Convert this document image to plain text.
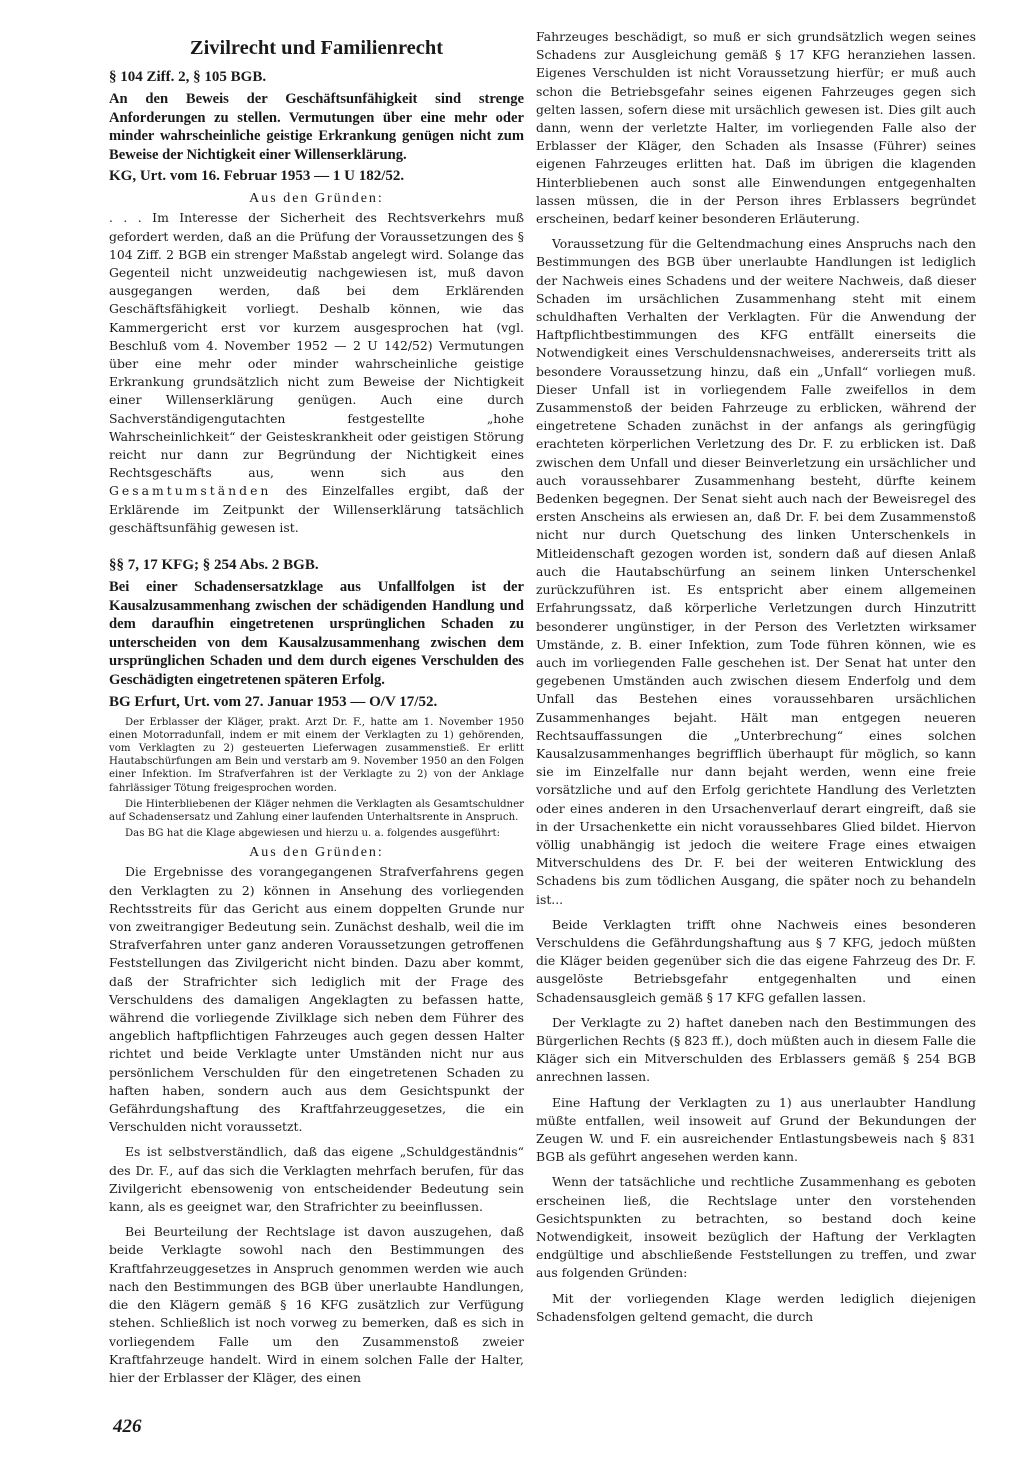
Zivilrecht und Familienrecht
§ 104 Ziff. 2, § 105 BGB.
An den Beweis der Geschäftsunfähigkeit sind strenge Anforderungen zu stellen. Vermutungen über eine mehr oder minder wahrscheinliche geistige Erkrankung genügen nicht zum Beweise der Nichtigkeit einer Willenserklärung.
KG, Urt. vom 16. Februar 1953 — 1 U 182/52.
Aus den Gründen:
. . . Im Interesse der Sicherheit des Rechtsverkehrs muß gefordert werden, daß an die Prüfung der Voraussetzungen des § 104 Ziff. 2 BGB ein strenger Maßstab angelegt wird. Solange das Gegenteil nicht unzweideutig nachgewiesen ist, muß davon ausgegangen werden, daß bei dem Erklärenden Geschäftsfähigkeit vorliegt. Deshalb können, wie das Kammergericht erst vor kurzem ausgesprochen hat (vgl. Beschluß vom 4. November 1952 — 2 U 142/52) Vermutungen über eine mehr oder minder wahrscheinliche geistige Erkrankung grundsätzlich nicht zum Beweise der Nichtigkeit einer Willenserklärung genügen. Auch eine durch Sachverständigengutachten festgestellte „hohe Wahrscheinlichkeit“ der Geisteskrankheit oder geistigen Störung reicht nur dann zur Begründung der Nichtigkeit eines Rechtsgeschäfts aus, wenn sich aus den Gesamtumständen des Einzelfalles ergibt, daß der Erklärende im Zeitpunkt der Willenserklärung tatsächlich geschäftsunfähig gewesen ist.
§§ 7, 17 KFG; § 254 Abs. 2 BGB.
Bei einer Schadensersatzklage aus Unfallfolgen ist der Kausalzusammenhang zwischen der schädigenden Handlung und dem daraufhin eingetretenen ursprünglichen Schaden zu unterscheiden von dem Kausalzusammenhang zwischen dem ursprünglichen Schaden und dem durch eigenes Verschulden des Geschädigten eingetretenen späteren Erfolg.
BG Erfurt, Urt. vom 27. Januar 1953 — O/V 17/52.
Der Erblasser der Kläger, prakt. Arzt Dr. F., hatte am 1. November 1950 einen Motorradunfall, indem er mit einem der Verklagten zu 1) gehörenden, vom Verklagten zu 2) gesteuerten Lieferwagen zusammenstieß. Er erlitt Hautabschürfungen am Bein und verstarb am 9. November 1950 an den Folgen einer Infektion. Im Strafverfahren ist der Verklagte zu 2) von der Anklage fahrlässiger Tötung freigesprochen worden.
Die Hinterbliebenen der Kläger nehmen die Verklagten als Gesamtschuldner auf Schadensersatz und Zahlung einer laufenden Unterhaltsrente in Anspruch.
Das BG hat die Klage abgewiesen und hierzu u. a. folgendes ausgeführt:
Aus den Gründen:
Die Ergebnisse des vorangegangenen Strafverfahrens gegen den Verklagten zu 2) können in Ansehung des vorliegenden Rechtsstreits für das Gericht aus einem doppelten Grunde nur von zweitrangiger Bedeutung sein. Zunächst deshalb, weil die im Strafverfahren unter ganz anderen Voraussetzungen getroffenen Feststellungen das Zivilgericht nicht binden. Dazu aber kommt, daß der Strafrichter sich lediglich mit der Frage des Verschuldens des damaligen Angeklagten zu befassen hatte, während die vorliegende Zivilklage sich neben dem Führer des angeblich haftpflichtigen Fahrzeuges auch gegen dessen Halter richtet und beide Verklagte unter Umständen nicht nur aus persönlichem Verschulden für den eingetretenen Schaden zu haften haben, sondern auch aus dem Gesichtspunkt der Gefährdungshaftung des Kraftfahrzeuggesetzes, die ein Verschulden nicht voraussetzt.
Es ist selbstverständlich, daß das eigene „Schuldgeständnis“ des Dr. F., auf das sich die Verklagten mehrfach berufen, für das Zivilgericht ebensowenig von entscheidender Bedeutung sein kann, als es geeignet war, den Strafrichter zu beeinflussen.
Bei Beurteilung der Rechtslage ist davon auszugehen, daß beide Verklagte sowohl nach den Bestimmungen des Kraftfahrzeuggesetzes in Anspruch genommen werden wie auch nach den Bestimmungen des BGB über unerlaubte Handlungen, die den Klägern gemäß § 16 KFG zusätzlich zur Verfügung stehen. Schließlich ist noch vorweg zu bemerken, daß es sich in vorliegendem Falle um den Zusammenstoß zweier Kraftfahrzeuge handelt. Wird in einem solchen Falle der Halter, hier der Erblasser der Kläger, des einen
Fahrzeuges beschädigt, so muß er sich grundsätzlich wegen seines Schadens zur Ausgleichung gemäß § 17 KFG heranziehen lassen. Eigenes Verschulden ist nicht Voraussetzung hierfür; er muß auch schon die Betriebsgefahr seines eigenen Fahrzeuges gegen sich gelten lassen, sofern diese mit ursächlich gewesen ist. Dies gilt auch dann, wenn der verletzte Halter, im vorliegenden Falle also der Erblasser der Kläger, den Schaden als Insasse (Führer) seines eigenen Fahrzeuges erlitten hat. Daß im übrigen die klagenden Hinterbliebenen auch sonst alle Einwendungen entgegenhalten lassen müssen, die in der Person ihres Erblassers begründet erscheinen, bedarf keiner besonderen Erläuterung.
Voraussetzung für die Geltendmachung eines Anspruchs nach den Bestimmungen des BGB über unerlaubte Handlungen ist lediglich der Nachweis eines Schadens und der weitere Nachweis, daß dieser Schaden im ursächlichen Zusammenhang steht mit einem schuldhaften Verhalten der Verklagten. Für die Anwendung der Haftpflichtbestimmungen des KFG entfällt einerseits die Notwendigkeit eines Verschuldensnachweises, andererseits tritt als besondere Voraussetzung hinzu, daß ein „Unfall“ vorliegen muß. Dieser Unfall ist in vorliegendem Falle zweifellos in dem Zusammenstoß der beiden Fahrzeuge zu erblicken, während der eingetretene Schaden zunächst in der anfangs als geringfügig erachteten körperlichen Verletzung des Dr. F. zu erblicken ist. Daß zwischen dem Unfall und dieser Beinverletzung ein ursächlicher und auch voraussehbarer Zusammenhang besteht, dürfte keinem Bedenken begegnen. Der Senat sieht auch nach der Beweisregel des ersten Anscheins als erwiesen an, daß Dr. F. bei dem Zusammenstoß nicht nur durch Quetschung des linken Unterschenkels in Mitleidenschaft gezogen worden ist, sondern daß auf diesen Anlaß auch die Hautabschürfung an seinem linken Unterschenkel zurückzuführen ist. Es entspricht aber einem allgemeinen Erfahrungssatz, daß körperliche Verletzungen durch Hinzutritt besonderer ungünstiger, in der Person des Verletzten wirksamer Umstände, z. B. einer Infektion, zum Tode führen können, wie es auch im vorliegenden Falle geschehen ist. Der Senat hat unter den gegebenen Umständen auch zwischen diesem Enderfolg und dem Unfall das Bestehen eines voraussehbaren ursächlichen Zusammenhanges bejaht. Hält man entgegen neueren Rechtsauffassungen die „Unterbrechung“ eines solchen Kausalzusammenhanges begrifflich überhaupt für möglich, so kann sie im Einzelfalle nur dann bejaht werden, wenn eine freie vorsätzliche und auf den Erfolg gerichtete Handlung des Verletzten oder eines anderen in den Ursachenverlauf derart eingreift, daß sie in der Ursachenkette ein nicht voraussehbares Glied bildet. Hiervon völlig unabhängig ist jedoch die weitere Frage eines etwaigen Mitverschuldens des Dr. F. bei der weiteren Entwicklung des Schadens bis zum tödlichen Ausgang, die später noch zu behandeln ist...
Beide Verklagten trifft ohne Nachweis eines besonderen Verschuldens die Gefährdungshaftung aus § 7 KFG, jedoch müßten die Kläger beiden gegenüber sich die das eigene Fahrzeug des Dr. F. ausgelöste Betriebsgefahr entgegenhalten und einen Schadensausgleich gemäß § 17 KFG gefallen lassen.
Der Verklagte zu 2) haftet daneben nach den Bestimmungen des Bürgerlichen Rechts (§ 823 ff.), doch müßten auch in diesem Falle die Kläger sich ein Mitverschulden des Erblassers gemäß § 254 BGB anrechnen lassen.
Eine Haftung der Verklagten zu 1) aus unerlaubter Handlung müßte entfallen, weil insoweit auf Grund der Bekundungen der Zeugen W. und F. ein ausreichender Entlastungsbeweis nach § 831 BGB als geführt angesehen werden kann.
Wenn der tatsächliche und rechtliche Zusammenhang es geboten erscheinen ließ, die Rechtslage unter den vorstehenden Gesichtspunkten zu betrachten, so bestand doch keine Notwendigkeit, insoweit bezüglich der Haftung der Verklagten endgültige und abschließende Feststellungen zu treffen, und zwar aus folgenden Gründen:
Mit der vorliegenden Klage werden lediglich diejenigen Schadensfolgen geltend gemacht, die durch
426
